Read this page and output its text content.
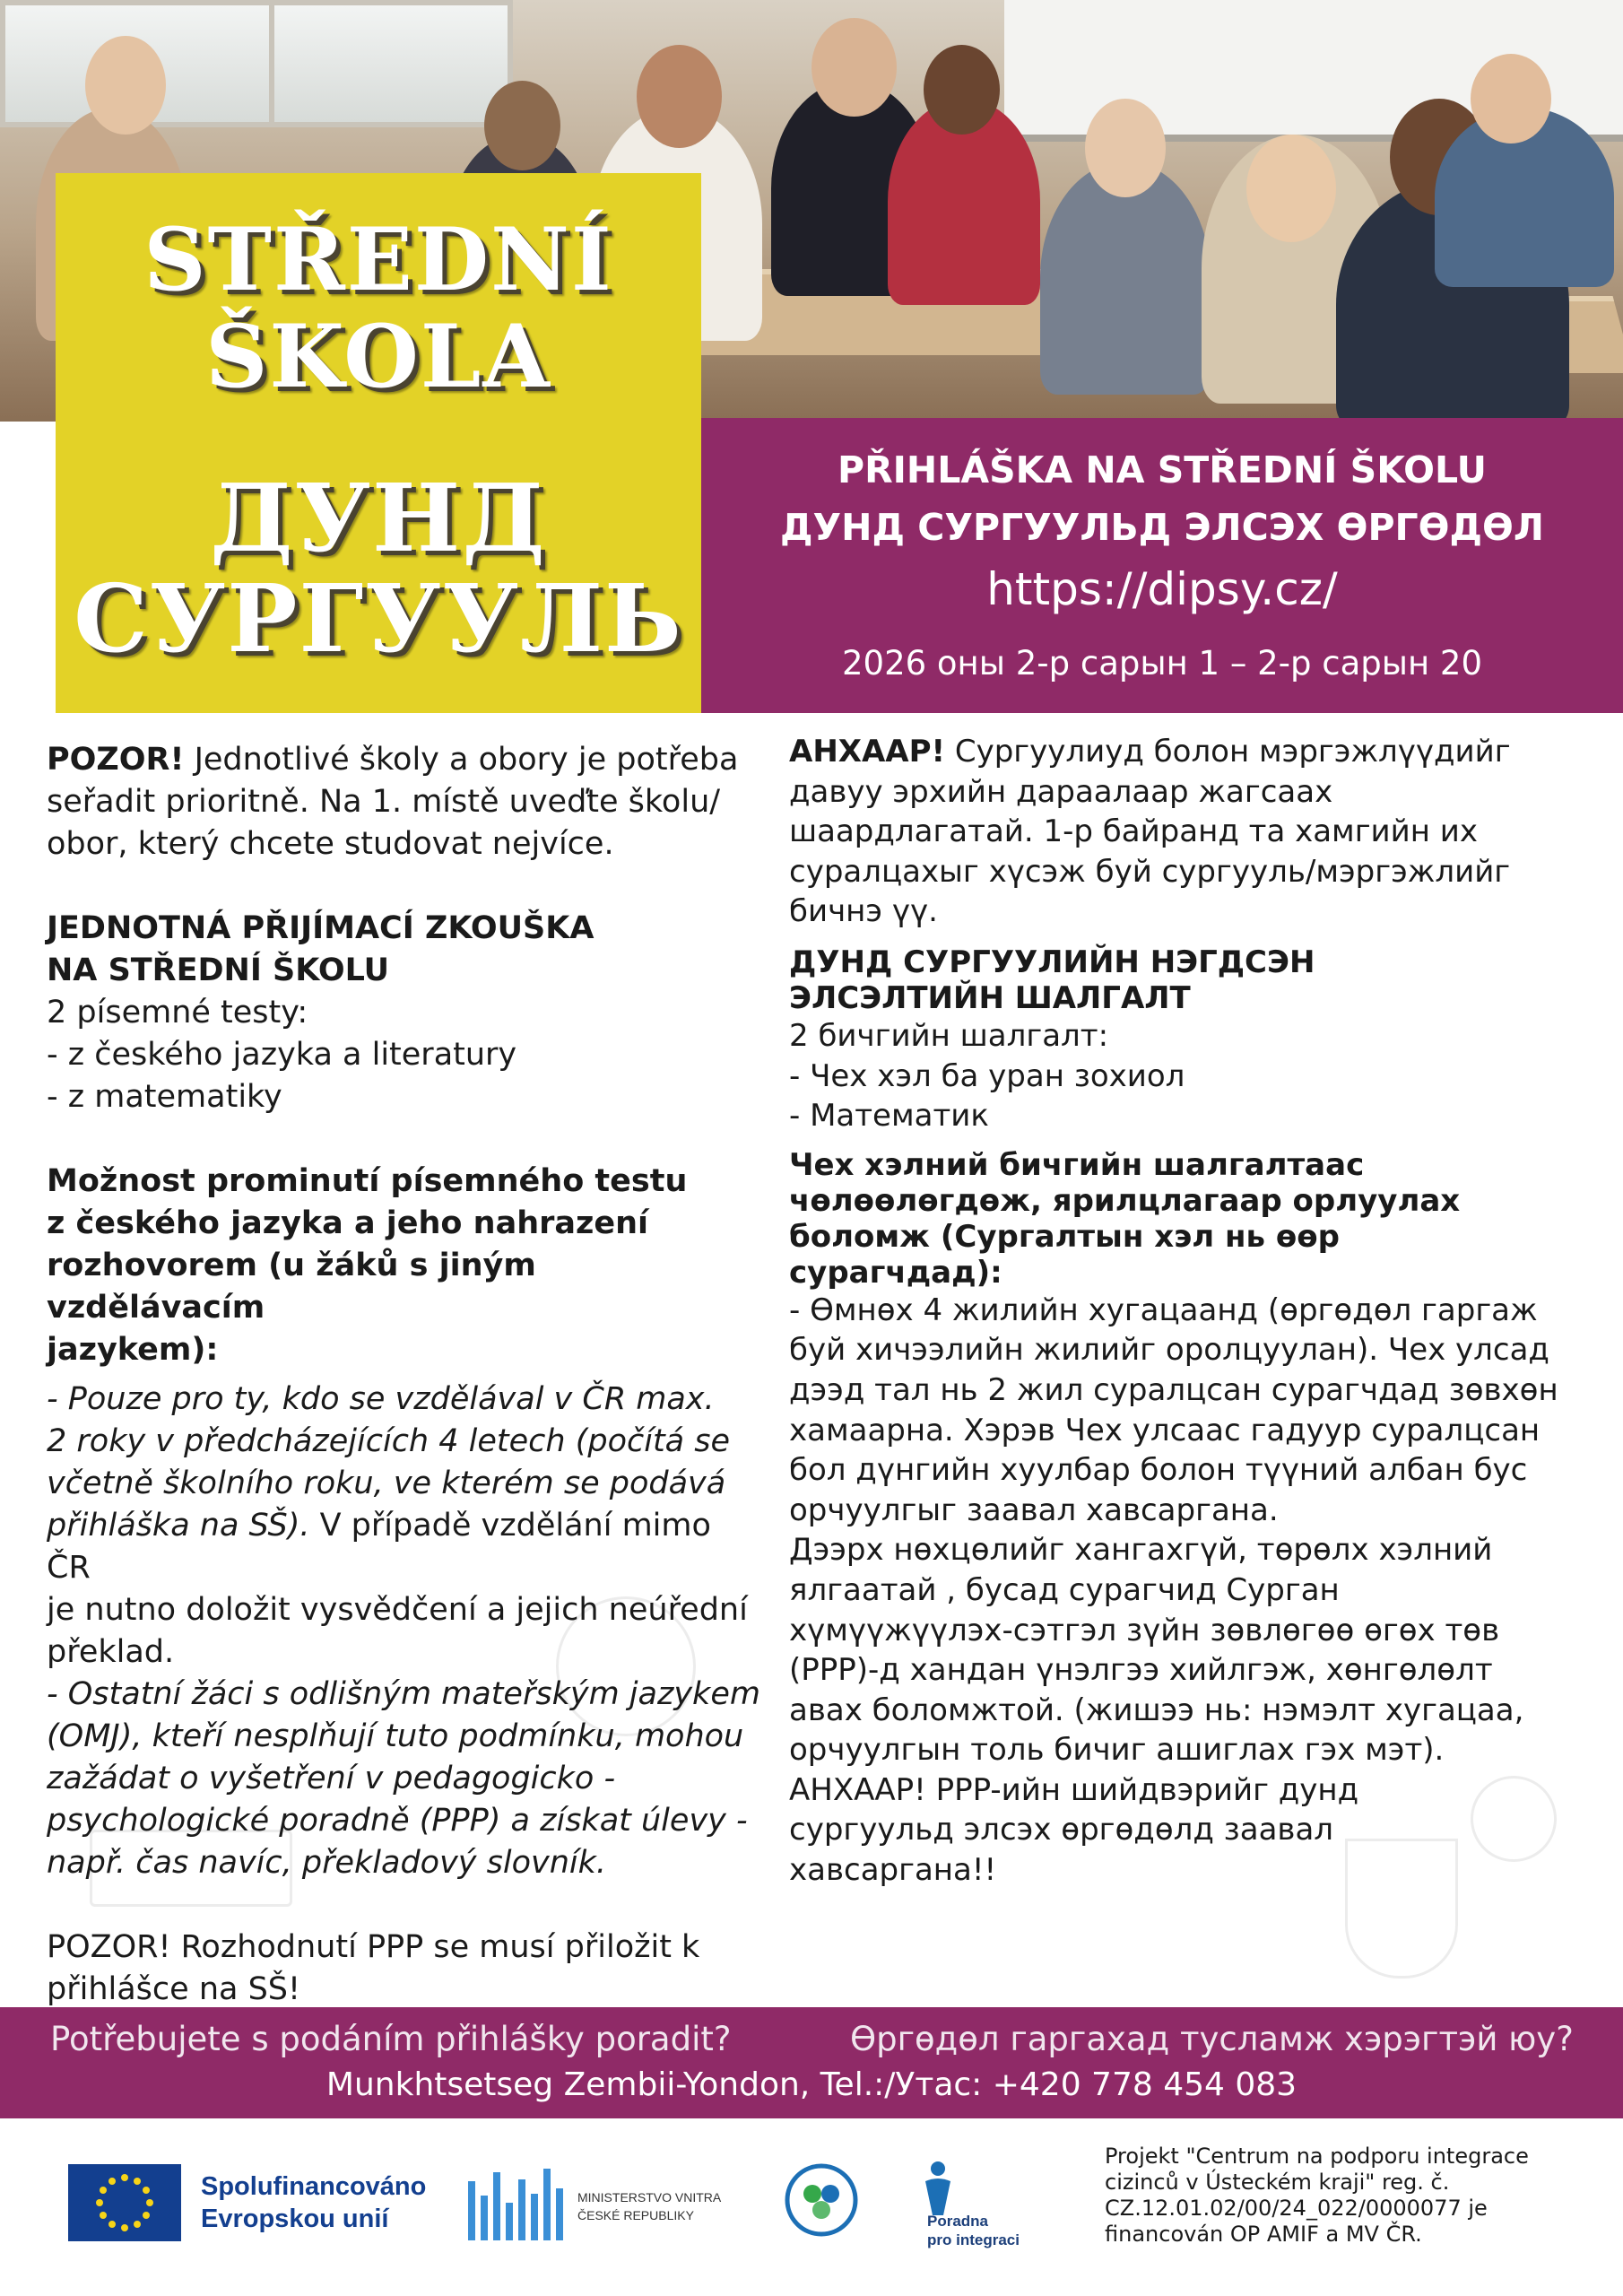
STŘEDNÍ
ŠKOLA
ДУНД
СУРГУУЛЬ
PŘIHLÁŠKA NA STŘEDNÍ ŠKOLU
ДУНД СУРГУУЛЬД ЭЛСЭХ ӨРГӨДӨЛ
https://dipsy.cz/
2026 оны 2-р сарын 1 – 2-р сарын 20

POZOR! Jednotlivé školy a obory je potřeba

seřadit prioritně. Na 1. místě uveďte školu/

obor, který chcete studovat nejvíce.

JEDNOTNÁ PŘIJÍMACÍ ZKOUŠKA

NA STŘEDNÍ ŠKOLU

2 písemné testy:

- z českého jazyka a literatury

- z matematiky

Možnost prominutí písemného testu

z českého jazyka a jeho nahrazení

rozhovorem (u žáků s jiným vzdělávacím

jazykem):

- Pouze pro ty, kdo se vzdělával v ČR max.

2 roky v předcházejících 4 letech (počítá se

včetně školního roku, ve kterém se podává

přihláška na SŠ). V případě vzdělání mimo ČR

je nutno doložit vysvědčení a jejich neúřední

překlad.

- Ostatní žáci s odlišným mateřským jazykem

(OMJ), kteří nesplňují tuto podmínku, mohou

zažádat o vyšetření v pedagogicko -

psychologické poradně (PPP) a získat úlevy -

např. čas navíc, překladový slovník.

POZOR! Rozhodnutí PPP se musí přiložit k

přihlášce na SŠ!

АНХААР! Сургуулиуд болон мэргэжлүүдийг

давуу эрхийн дараалаар жагсаах

шаардлагатай. 1-р байранд та хамгийн их

суралцахыг хүсэж буй сургууль/мэргэжлийг

бичнэ үү.

ДУНД СУРГУУЛИЙН НЭГДСЭН

ЭЛСЭЛТИЙН ШАЛГАЛТ

2 бичгийн шалгалт:

- Чех хэл ба уран зохиол

- Математик

Чех хэлний бичгийн шалгалтаас

чөлөөлөгдөж, ярилцлагаар орлуулах

боломж (Сургалтын хэл нь өөр

сурагчдад):

- Өмнөх 4 жилийн хугацаанд (өргөдөл гаргаж

буй хичээлийн жилийг оролцуулан). Чех улсад

дээд тал нь 2 жил суралцсан сурагчдад зөвхөн

хамаарна. Хэрэв Чех улсаас гадуур суралцсан

бол дүнгийн хуулбар болон түүний албан бус

орчуулгыг заавал хавсаргана.

Дээрх нөхцөлийг хангахгүй, төрөлх хэлний

ялгаатай , бусад сурагчид Сурган

хүмүүжүүлэх-сэтгэл зүйн зөвлөгөө өгөх төв

(PPP)-д хандан үнэлгээ хийлгэж, хөнгөлөлт

авах боломжтой. (жишээ нь: нэмэлт хугацаа,

орчуулгын толь бичиг ашиглах гэх мэт).

АНХААР! PPP-ийн шийдвэрийг дунд

сургуульд элсэх өргөдөлд заавал

хавсаргана!!

Potřebujete s podáním přihlášky poradit?	Өргөдөл гаргахад тусламж хэрэгтэй юу?
Munkhtsetseg Zembii-Yondon, Tel.:/Утас: +420 778 454 083
Spolufinancováno
Evropskou unií
MINISTERSTVO VNITRA
ČESKÉ REPUBLIKY	Poradna
pro integraci
Projekt "Centrum na podporu integrace
cizinců v Ústeckém kraji" reg. č.
CZ.12.01.02/00/24_022/0000077 je
financován OP AMIF a MV ČR.
